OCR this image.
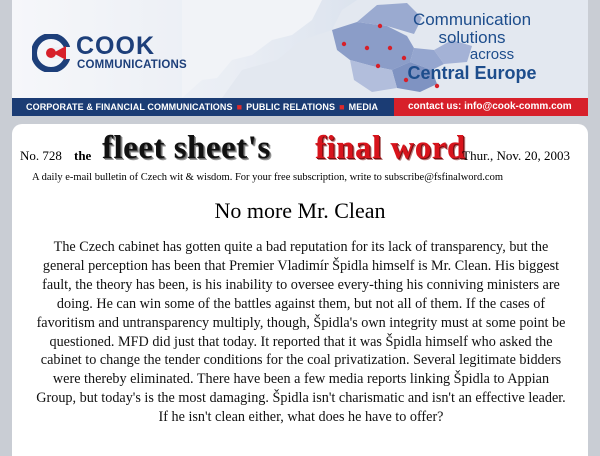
COOK
COMMUNICATIONS
Communication
solutions
across
Central Europe
CORPORATE & FINANCIAL COMMUNICATIONS ■ PUBLIC RELATIONS ■ MEDIA	contact us: info@cook-comm.com
No. 728 the fleet sheet's final word
Thur., Nov. 20, 2003
A daily e-mail bulletin of Czech wit & wisdom. For your free subscription, write to subscribe@fsfinalword.com
No more Mr. Clean
The Czech cabinet has gotten quite a bad reputation for its lack of transparency, but the general perception has been that Premier Vladimír Špidla himself is Mr. Clean. His biggest fault, the theory has been, is his inability to oversee every-thing his conniving ministers are doing. He can win some of the battles against them, but not all of them. If the cases of favoritism and untransparency multiply, though, Špidla's own integrity must at some point be questioned. MFD did just that today. It reported that it was Špidla himself who asked the cabinet to change the tender conditions for the coal privatization. Several legitimate bidders were thereby eliminated. There have been a few media reports linking Špidla to Appian Group, but today's is the most damaging. Špidla isn't charismatic and isn't an effective leader. If he isn't clean either, what does he have to offer?
